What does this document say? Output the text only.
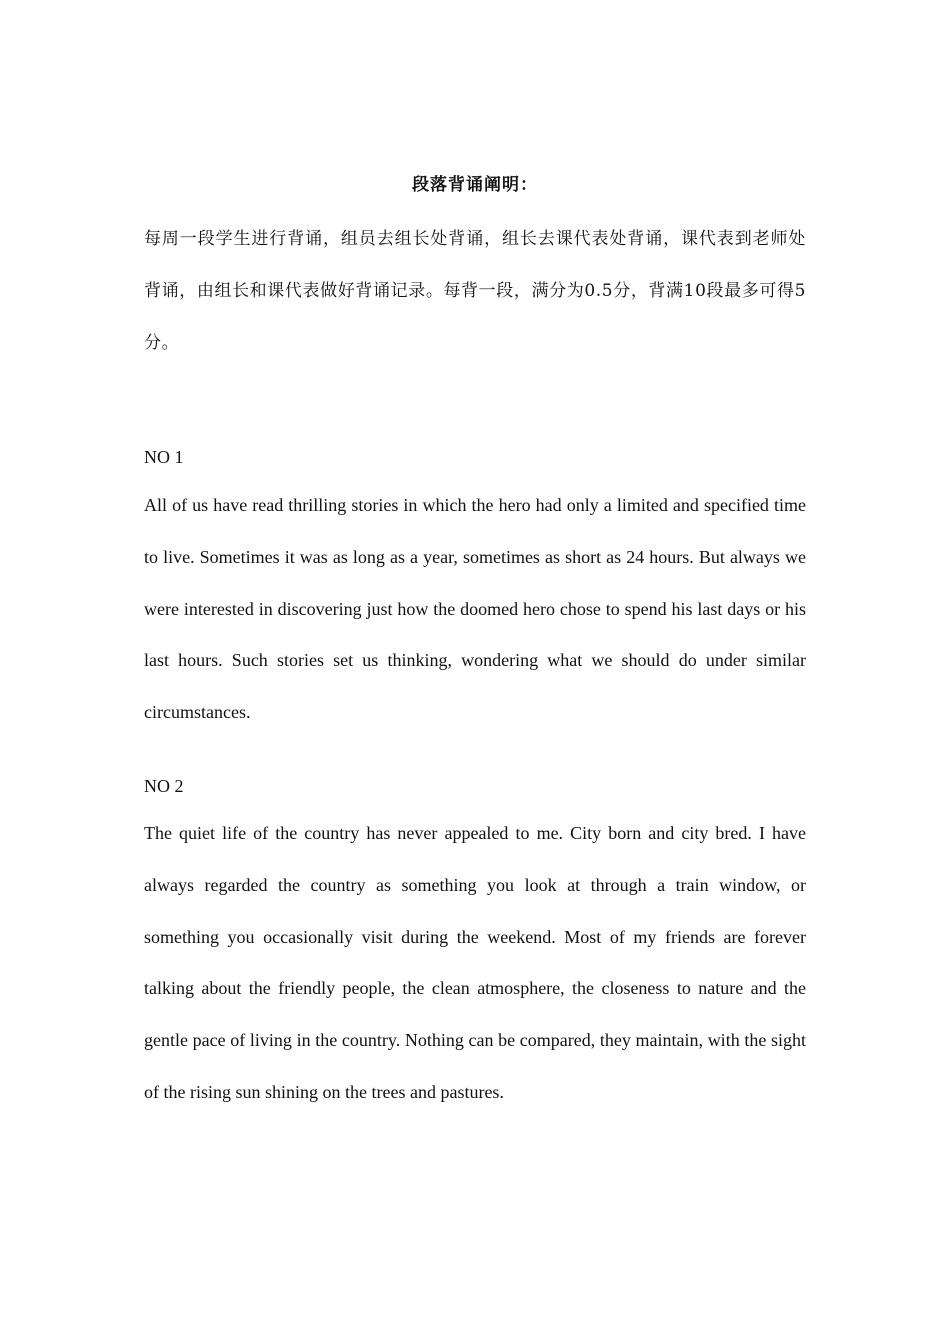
段落背诵阐明：

每周一段学生进行背诵，组员去组长处背诵，组长去课代表处背诵，课代表到老师处背诵，由组长和课代表做好背诵记录。每背一段，满分为0.5分，背满10段最多可得5分。

NO 1

All of us have read thrilling stories in which the hero had only a limited and specified time to live. Sometimes it was as long as a year, sometimes as short as 24 hours. But always we were interested in discovering just how the doomed hero chose to spend his last days or his last hours. Such stories set us thinking, wondering what we should do under similar circumstances.

NO 2

The quiet life of the country has never appealed to me. City born and city bred. I have always regarded the country as something you look at through a train window, or something you occasionally visit during the weekend. Most of my friends are forever talking about the friendly people, the clean atmosphere, the closeness to nature and the gentle pace of living in the country. Nothing can be compared, they maintain, with the sight of the rising sun shining on the trees and pastures.
